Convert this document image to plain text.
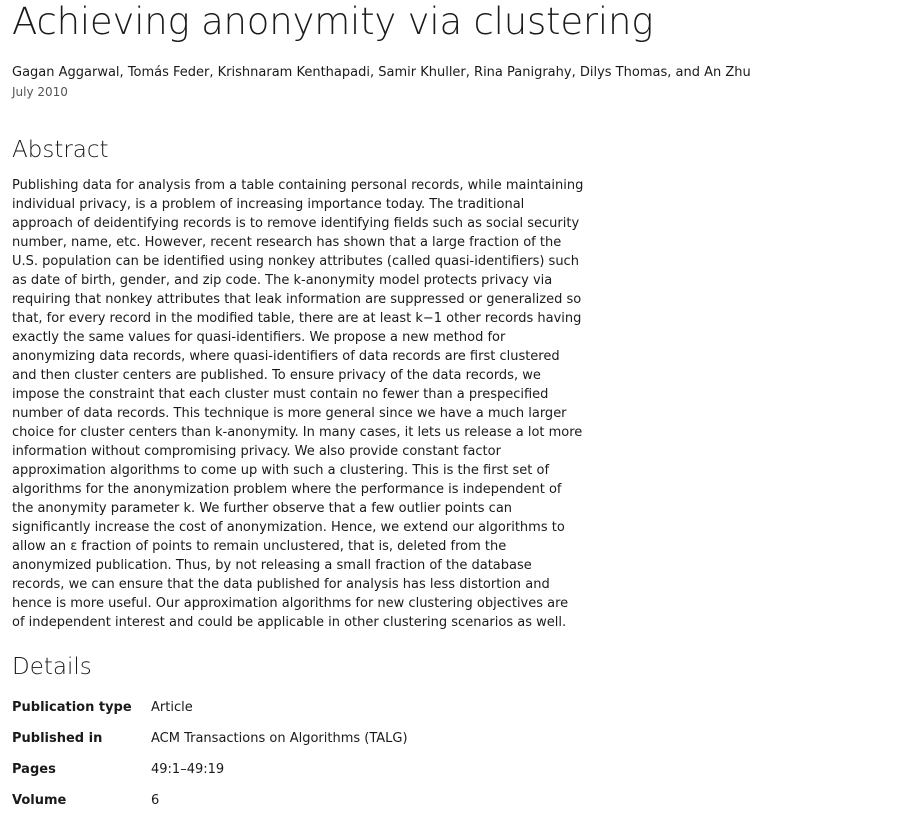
Achieving anonymity via clustering
Gagan Aggarwal, Tomás Feder, Krishnaram Kenthapadi, Samir Khuller, Rina Panigrahy, Dilys Thomas, and An Zhu
July 2010
Abstract

Publishing data for analysis from a table containing personal records, while maintaining individual privacy, is a problem of increasing importance today. The traditional approach of deidentifying records is to remove identifying fields such as social security number, name, etc. However, recent research has shown that a large fraction of the U.S. population can be identified using nonkey attributes (called quasi-identifiers) such as date of birth, gender, and zip code. The k-anonymity model protects privacy via requiring that nonkey attributes that leak information are suppressed or generalized so that, for every record in the modified table, there are at least k−1 other records having exactly the same values for quasi-identifiers. We propose a new method for anonymizing data records, where quasi-identifiers of data records are first clustered and then cluster centers are published. To ensure privacy of the data records, we impose the constraint that each cluster must contain no fewer than a prespecified number of data records. This technique is more general since we have a much larger choice for cluster centers than k-anonymity. In many cases, it lets us release a lot more information without compromising privacy. We also provide constant factor approximation algorithms to come up with such a clustering. This is the first set of algorithms for the anonymization problem where the performance is independent of the anonymity parameter k. We further observe that a few outlier points can significantly increase the cost of anonymization. Hence, we extend our algorithms to allow an ε fraction of points to remain unclustered, that is, deleted from the anonymized publication. Thus, by not releasing a small fraction of the database records, we can ensure that the data published for analysis has less distortion and hence is more useful. Our approximation algorithms for new clustering objectives are of independent interest and could be applicable in other clustering scenarios as well.

Details
Publication type	Article
Published in	ACM Transactions on Algorithms (TALG)
Pages	49:1–49:19
Volume	6
